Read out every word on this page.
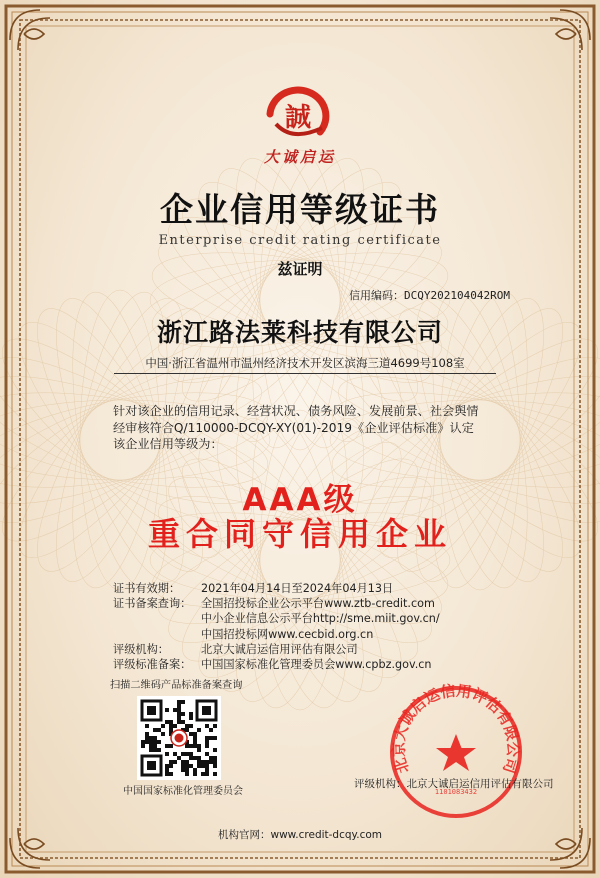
誠
大诚启运
企业信用等级证书
Enterprise credit rating certificate
兹证明
信用编码：DCQY202104042ROM
浙江路法莱科技有限公司
中国·浙江省温州市温州经济技术开发区滨海三道4699号108室
针对该企业的信用记录、经营状况、债务风险、发展前景、社会舆情
经审核符合Q/110000-DCQY-XY(01)-2019《企业评估标准》认定
该企业信用等级为：
AAA级
重合同守信用企业
证书有效期：	2021年04月14日至2024年04月13日
证书备案查询： 全国招投标企业公示平台www.ztb-credit.com
中小企业信息公示平台http://sme.miit.gov.cn/
中国招投标网www.cecbid.org.cn
评级机构：	北京大诚启运信用评估有限公司
评级标准备案： 中国国家标准化管理委员会www.cpbz.gov.cn
扫描二维码产品标准备案查询
中国国家标准化管理委员会
北京大诚启运信用评估有限公司
1101083432
评级机构：北京大诚启运信用评估有限公司
机构官网：www.credit-dcqy.com
